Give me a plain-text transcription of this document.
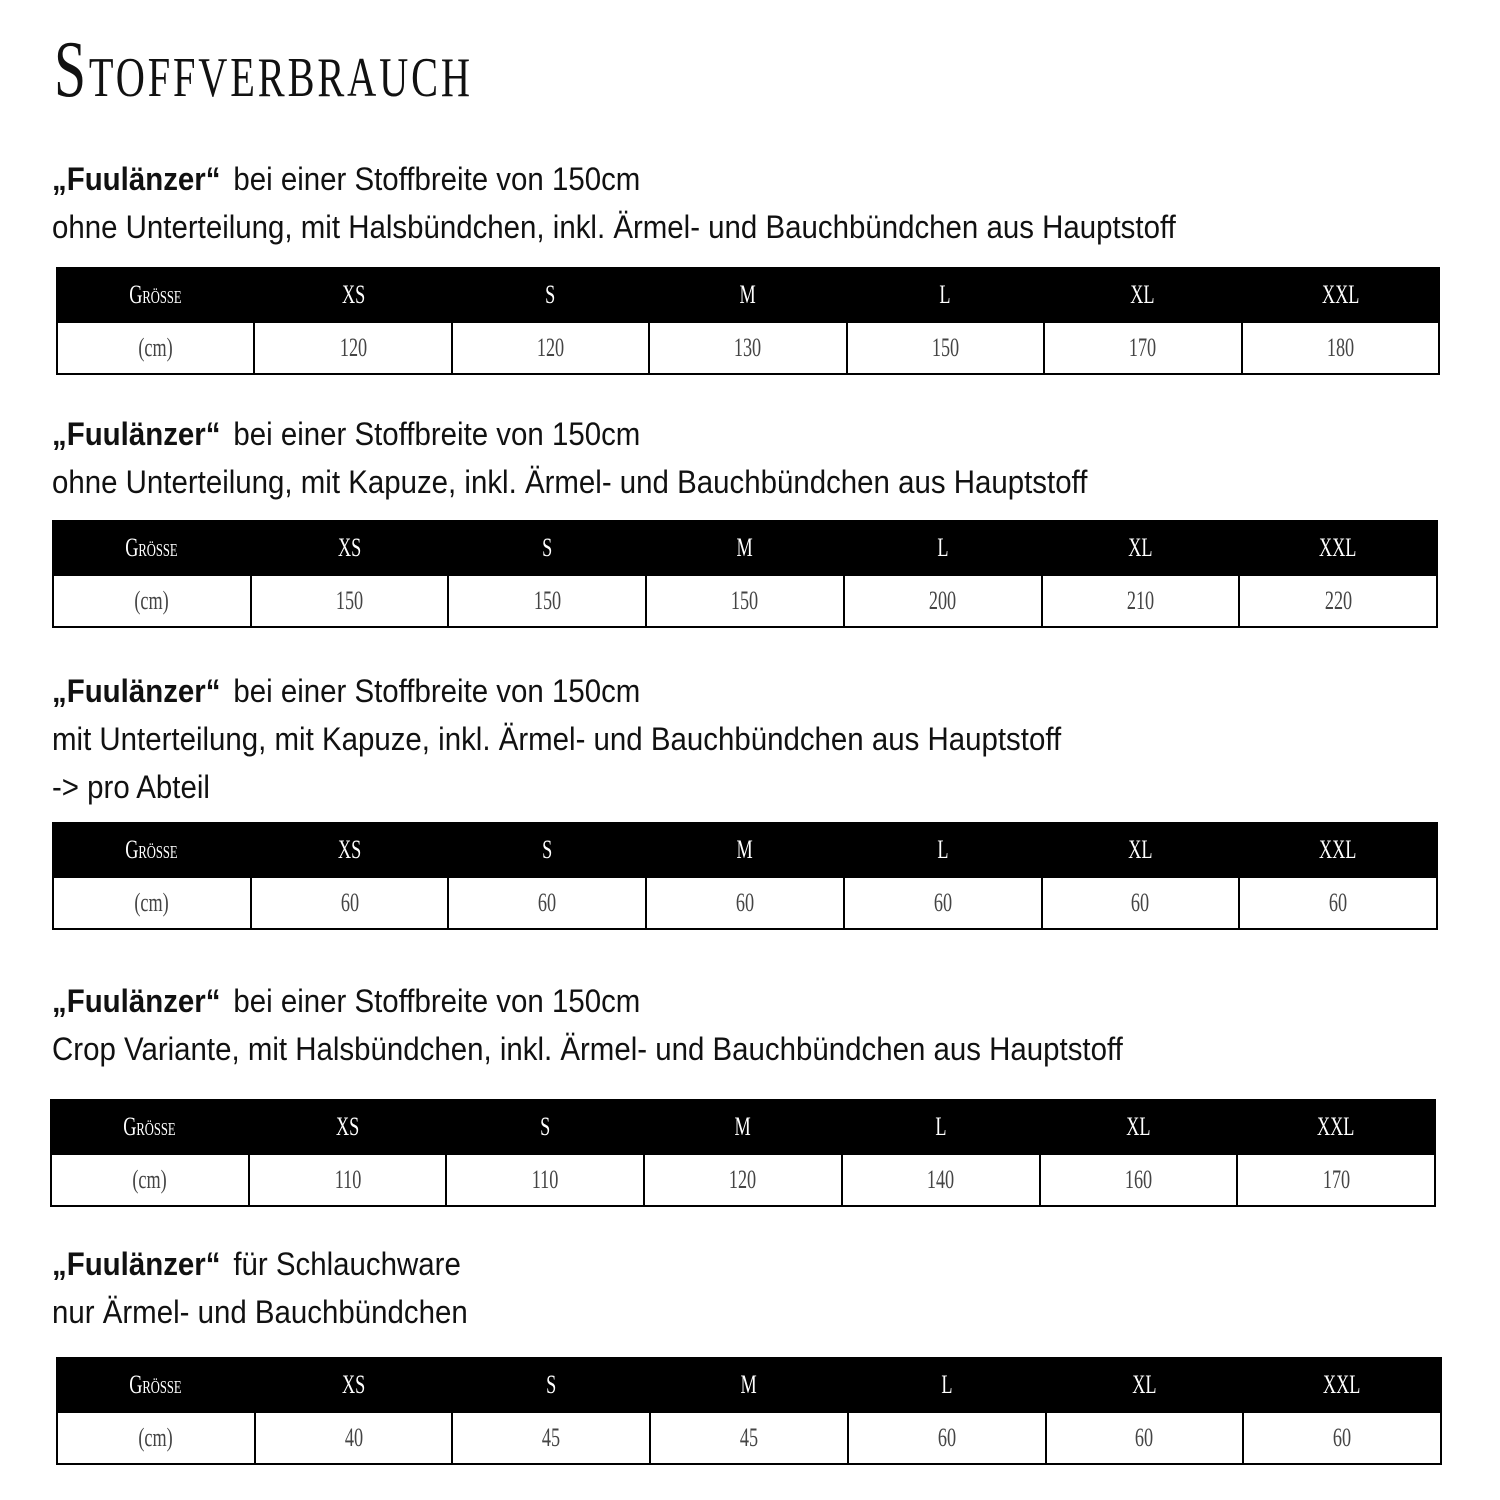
Stoffverbrauch
„Fuulänzer“ bei einer Stoffbreite von 150cm
ohne Unterteilung, mit Halsbündchen, inkl. Ärmel- und Bauchbündchen aus Hauptstoff
Größe	XS	S	M	L	XL	XXL
(cm)	120	120	130	150	170	180
„Fuulänzer“ bei einer Stoffbreite von 150cm
ohne Unterteilung, mit Kapuze, inkl. Ärmel- und Bauchbündchen aus Hauptstoff
Größe	XS	S	M	L	XL	XXL
(cm)	150	150	150	200	210	220
„Fuulänzer“ bei einer Stoffbreite von 150cm
mit Unterteilung, mit Kapuze, inkl. Ärmel- und Bauchbündchen aus Hauptstoff
-> pro Abteil
Größe	XS	S	M	L	XL	XXL
(cm)	60	60	60	60	60	60
„Fuulänzer“ bei einer Stoffbreite von 150cm
Crop Variante, mit Halsbündchen, inkl. Ärmel- und Bauchbündchen aus Hauptstoff
Größe	XS	S	M	L	XL	XXL
(cm)	110	110	120	140	160	170
„Fuulänzer“ für Schlauchware
nur Ärmel- und Bauchbündchen
Größe	XS	S	M	L	XL	XXL
(cm)	40	45	45	60	60	60
